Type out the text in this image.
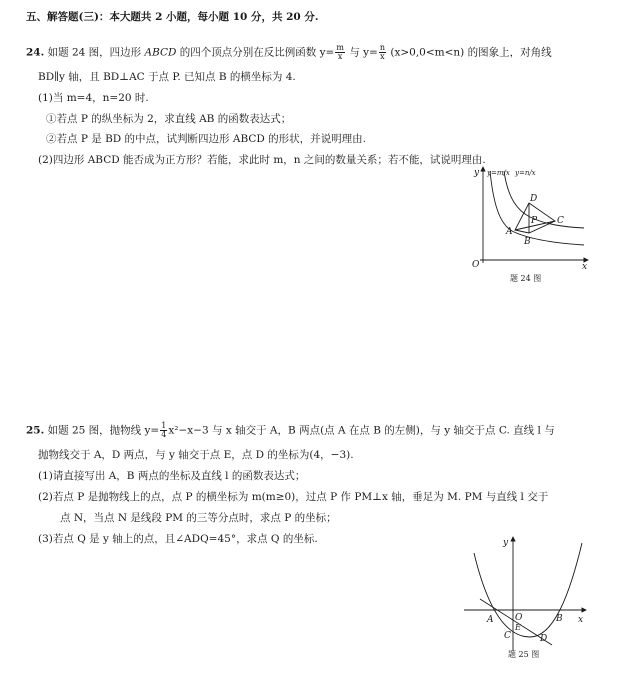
五、解答题(三)：本大题共 2 小题，每小题 10 分，共 20 分.
24. 如题 24 图，四边形 ABCD 的四个顶点分别在反比例函数 $y= \frac{m}{x}$ 与 $y= \frac{n}{x} (x>0,0<m<n)$ 的图象上，对角线
BD∥y 轴，且 BD⊥AC 于点 P. 已知点 B 的横坐标为 4.
(1)当 m=4，n=20 时.
①若点 P 的纵坐标为 2，求直线 AB 的函数表达式；
②若点 P 是 BD 的中点，试判断四边形 ABCD 的形状，并说明理由.
(2)四边形 ABCD 能否成为正方形？若能，求此时 m，n 之间的数量关系；若不能，试说明理由.
y y=m/x y=n/x
D
P C
A
B
O	x
题 24 图
25. 如题 25 图，抛物线 $y= \frac{1}{4} x^2-x-3$ 与 x 轴交于 A，B 两点(点 A 在点 B 的左侧)，与 y 轴交于点 C. 直线 l 与
抛物线交于 A，D 两点，与 y 轴交于点 E，点 D 的坐标为(4，−3).
(1)请直接写出 A，B 两点的坐标及直线 l 的函数表达式；
(2)若点 P 是抛物线上的点，点 P 的横坐标为 m(m≥0)，过点 P 作 PM⊥x 轴，垂足为 M. PM 与直线 l 交于
点 N，当点 N 是线段 PM 的三等分点时，求点 P 的坐标；
(3)若点 Q 是 y 轴上的点，且∠ADQ=45°，求点 Q 的坐标.	y
A O
E
C	D
B x
题 25 图
